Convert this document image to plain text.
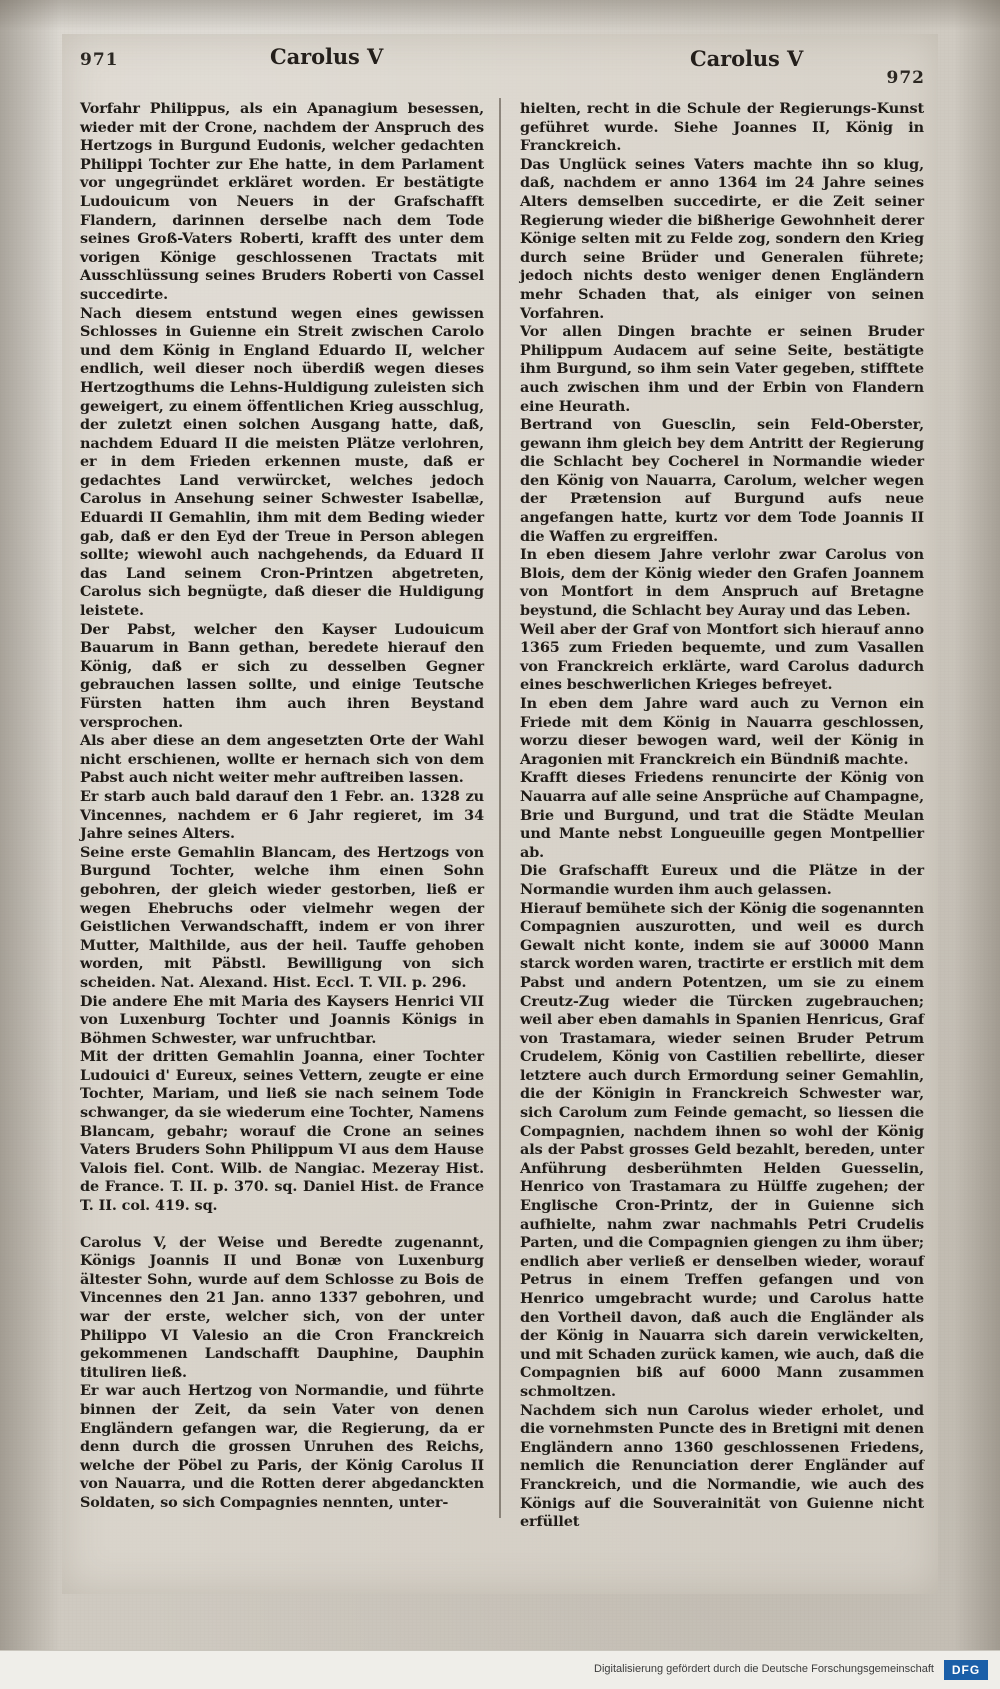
971	Carolus V	Carolus V
972

Vorfahr Philippus, als ein Apanagium besessen, wieder mit der Crone, nachdem der Anspruch des Hertzogs in Burgund Eudonis, welcher gedachten Philippi Tochter zur Ehe hatte, in dem Parlament vor ungegründet erkläret worden. Er bestätigte Ludouicum von Neuers in der Grafschafft Flandern, darinnen derselbe nach dem Tode seines Groß-Vaters Roberti, krafft des unter dem vorigen Könige geschlossenen Tractats mit Ausschlüssung seines Bruders Roberti von Cassel succedirte.

Nach diesem entstund wegen eines gewissen Schlosses in Guienne ein Streit zwischen Carolo und dem König in England Eduardo II, welcher endlich, weil dieser noch überdiß wegen dieses Hertzogthums die Lehns-Huldigung zuleisten sich geweigert, zu einem öffentlichen Krieg ausschlug, der zuletzt einen solchen Ausgang hatte, daß, nachdem Eduard II die meisten Plätze verlohren, er in dem Frieden erkennen muste, daß er gedachtes Land verwürcket, welches jedoch Carolus in Ansehung seiner Schwester Isabellæ, Eduardi II Gemahlin, ihm mit dem Beding wieder gab, daß er den Eyd der Treue in Person ablegen sollte; wiewohl auch nachgehends, da Eduard II das Land seinem Cron-Printzen abgetreten, Carolus sich begnügte, daß dieser die Huldigung leistete.

Der Pabst, welcher den Kayser Ludouicum Bauarum in Bann gethan, beredete hierauf den König, daß er sich zu desselben Gegner gebrauchen lassen sollte, und einige Teutsche Fürsten hatten ihm auch ihren Beystand versprochen.

Als aber diese an dem angesetzten Orte der Wahl nicht erschienen, wollte er hernach sich von dem Pabst auch nicht weiter mehr auftreiben lassen.

Er starb auch bald darauf den 1 Febr. an. 1328 zu Vincennes, nachdem er 6 Jahr regieret, im 34 Jahre seines Alters.

Seine erste Gemahlin Blancam, des Hertzogs von Burgund Tochter, welche ihm einen Sohn gebohren, der gleich wieder gestorben, ließ er wegen Ehebruchs oder vielmehr wegen der Geistlichen Verwandschafft, indem er von ihrer Mutter, Malthilde, aus der heil. Tauffe gehoben worden, mit Päbstl. Bewilligung von sich scheiden. Nat. Alexand. Hist. Eccl. T. VII. p. 296.

Die andere Ehe mit Maria des Kaysers Henrici VII von Luxenburg Tochter und Joannis Königs in Böhmen Schwester, war unfruchtbar.

Mit der dritten Gemahlin Joanna, einer Tochter Ludouici d' Eureux, seines Vettern, zeugte er eine Tochter, Mariam, und ließ sie nach seinem Tode schwanger, da sie wiederum eine Tochter, Namens Blancam, gebahr; worauf die Crone an seines Vaters Bruders Sohn Philippum VI aus dem Hause Valois fiel. Cont. Wilb. de Nangiac. Mezeray Hist. de France. T. II. p. 370. sq. Daniel Hist. de France T. II. col. 419. sq.

Carolus V, der Weise und Beredte zugenannt, Königs Joannis II und Bonæ von Luxenburg ältester Sohn, wurde auf dem Schlosse zu Bois de Vincennes den 21 Jan. anno 1337 gebohren, und war der erste, welcher sich, von der unter Philippo VI Valesio an die Cron Franckreich gekommenen Landschafft Dauphine, Dauphin tituliren ließ.

Er war auch Hertzog von Normandie, und führte binnen der Zeit, da sein Vater von denen Engländern gefangen war, die Regierung, da er denn durch die grossen Unruhen des Reichs, welche der Pöbel zu Paris, der König Carolus II von Nauarra, und die Rotten derer abgedanckten Soldaten, so sich Compagnies nennten, unter-

hielten, recht in die Schule der Regierungs-Kunst geführet wurde. Siehe Joannes II, König in Franckreich.

Das Unglück seines Vaters machte ihn so klug, daß, nachdem er anno 1364 im 24 Jahre seines Alters demselben succedirte, er die Zeit seiner Regierung wieder die bißherige Gewohnheit derer Könige selten mit zu Felde zog, sondern den Krieg durch seine Brüder und Generalen führete; jedoch nichts desto weniger denen Engländern mehr Schaden that, als einiger von seinen Vorfahren.

Vor allen Dingen brachte er seinen Bruder Philippum Audacem auf seine Seite, bestätigte ihm Burgund, so ihm sein Vater gegeben, stifftete auch zwischen ihm und der Erbin von Flandern eine Heurath.

Bertrand von Guesclin, sein Feld-Oberster, gewann ihm gleich bey dem Antritt der Regierung die Schlacht bey Cocherel in Normandie wieder den König von Nauarra, Carolum, welcher wegen der Prætension auf Burgund aufs neue angefangen hatte, kurtz vor dem Tode Joannis II die Waffen zu ergreiffen.

In eben diesem Jahre verlohr zwar Carolus von Blois, dem der König wieder den Grafen Joannem von Montfort in dem Anspruch auf Bretagne beystund, die Schlacht bey Auray und das Leben.

Weil aber der Graf von Montfort sich hierauf anno 1365 zum Frieden bequemte, und zum Vasallen von Franckreich erklärte, ward Carolus dadurch eines beschwerlichen Krieges befreyet.

In eben dem Jahre ward auch zu Vernon ein Friede mit dem König in Nauarra geschlossen, worzu dieser bewogen ward, weil der König in Aragonien mit Franckreich ein Bündniß machte.

Krafft dieses Friedens renuncirte der König von Nauarra auf alle seine Ansprüche auf Champagne, Brie und Burgund, und trat die Städte Meulan und Mante nebst Longueuille gegen Montpellier ab.

Die Grafschafft Eureux und die Plätze in der Normandie wurden ihm auch gelassen.

Hierauf bemühete sich der König die sogenannten Compagnien auszurotten, und weil es durch Gewalt nicht konte, indem sie auf 30000 Mann starck worden waren, tractirte er erstlich mit dem Pabst und andern Potentzen, um sie zu einem Creutz-Zug wieder die Türcken zugebrauchen; weil aber eben damahls in Spanien Henricus, Graf von Trastamara, wieder seinen Bruder Petrum Crudelem, König von Castilien rebellirte, dieser letztere auch durch Ermordung seiner Gemahlin, die der Königin in Franckreich Schwester war, sich Carolum zum Feinde gemacht, so liessen die Compagnien, nachdem ihnen so wohl der König als der Pabst grosses Geld bezahlt, bereden, unter Anführung desberühmten Helden Guesselin, Henrico von Trastamara zu Hülffe zugehen; der Englische Cron-Printz, der in Guienne sich aufhielte, nahm zwar nachmahls Petri Crudelis Parten, und die Compagnien giengen zu ihm über; endlich aber verließ er denselben wieder, worauf Petrus in einem Treffen gefangen und von Henrico umgebracht wurde; und Carolus hatte den Vortheil davon, daß auch die Engländer als der König in Nauarra sich darein verwickelten, und mit Schaden zurück kamen, wie auch, daß die Compagnien biß auf 6000 Mann zusammen schmoltzen.

Nachdem sich nun Carolus wieder erholet, und die vornehmsten Puncte des in Bretigni mit denen Engländern anno 1360 geschlossenen Friedens, nemlich die Renunciation derer Engländer auf Franckreich, und die Normandie, wie auch des Königs auf die Souverainität von Guienne nicht erfüllet

Digitalisierung gefördert durch die Deutsche Forschungsgemeinschaft	DFG
